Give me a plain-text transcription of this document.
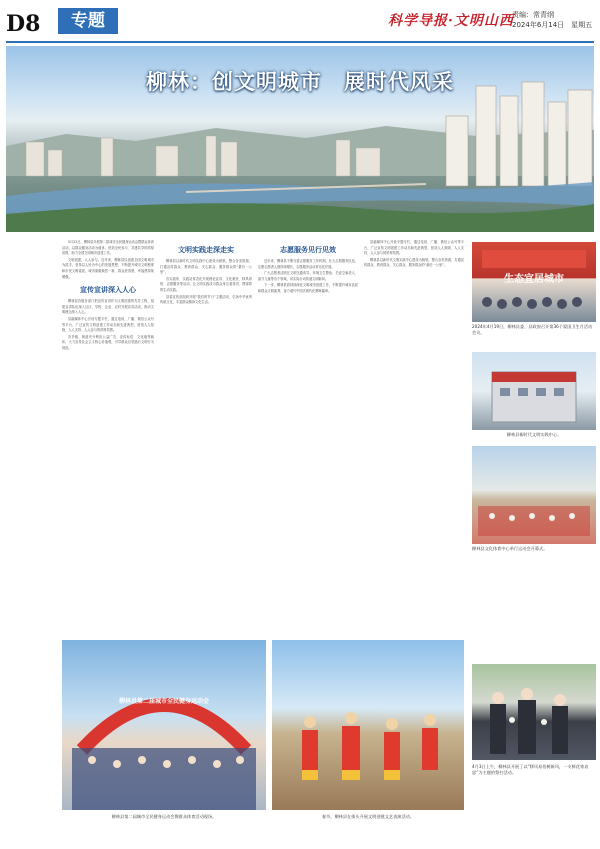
D8	专题	科学导报·文明山西
责编：常青纲
2024年6月14日　星期五
柳林：创文明城市　展时代风采

5月22日，柳林县开展第二届城市全民健身运动会暨群众体育活动，以群众健身活动为载体，营造全民参与、共建共享的浓厚氛围，助力全国文明城市创建工作。

文明创建，人人参与。近年来，柳林县以创建全国文明城市为抓手，坚持以人民为中心的发展思想，不断提升城市文明程度和市民文明素质，城市面貌焕然一新，群众获得感、幸福感持续增强。

宣传宣讲深入人心

柳林县各级各部门把宣传宣讲作为文明创建的先导工程，组建宣讲队伍深入社区、学校、企业、农村开展宣讲活动，推动文明理念深入人心。

县融媒体中心开设专题专栏，通过电视、广播、微信公众号等平台，广泛宣传文明创建工作动态和先进典型，营造人人知晓、人人支持、人人参与的浓厚氛围。

各乡镇、街道充分利用公益广告、宣传标语、文化墙等载体，大力宣传社会主义核心价值观，引导群众自觉践行文明行为规范。

文明实践走深走实

柳林县以新时代文明实践中心建设为统领，整合各类资源，打通宣传群众、教育群众、关心群众、服务群众的“最后一公里”。

各实践所、实践站常态化开展理论宣讲、文化惠民、移风易俗、志愿服务等活动，让文明实践成为群众身边看得见、摸得着的生动实践。

县委宣传部组织开展“我们的节日”主题活动，弘扬中华优秀传统文化，丰富群众精神文化生活。

志愿服务见行见效

近年来，柳林县不断完善志愿服务工作机制，壮大志愿服务队伍，注册志愿者人数持续增长，志愿服务活动常态化开展。

广大志愿者活跃在文明交通劝导、环境卫生整治、关爱空巢老人、留守儿童等各个领域，用实际行动传递文明新风。

下一步，柳林县将持续深化文明城市创建工作，不断提升城市品质和群众文明素养，奋力谱写中国式现代化柳林篇章。

县融媒体中心开设专题专栏，通过电视、广播、微信公众号等平台，广泛宣传文明创建工作动态和先进典型，营造人人知晓、人人支持、人人参与的浓厚氛围。

柳林县以新时代文明实践中心建设为统领，整合各类资源，打通宣传群众、教育群众、关心群众、服务群众的“最后一公里”。

生态宜居城市
2024年4月19日，柳林县委、县政府召开第36个爱国卫生月活动会议。
柳林县新时代文明实践中心。
柳林县文化体育中心举行运动会开幕式。
4月3日上午，柳林县开展了以“移风易俗树新风，一支鲜花寄哀思”为主题的祭扫活动。
柳林县第二届城市全民健身运动会
柳林县第二届城市全民健身运动会暨群众体育活动现场。	春节，柳林县在街头开展文明创建文艺表演活动。
